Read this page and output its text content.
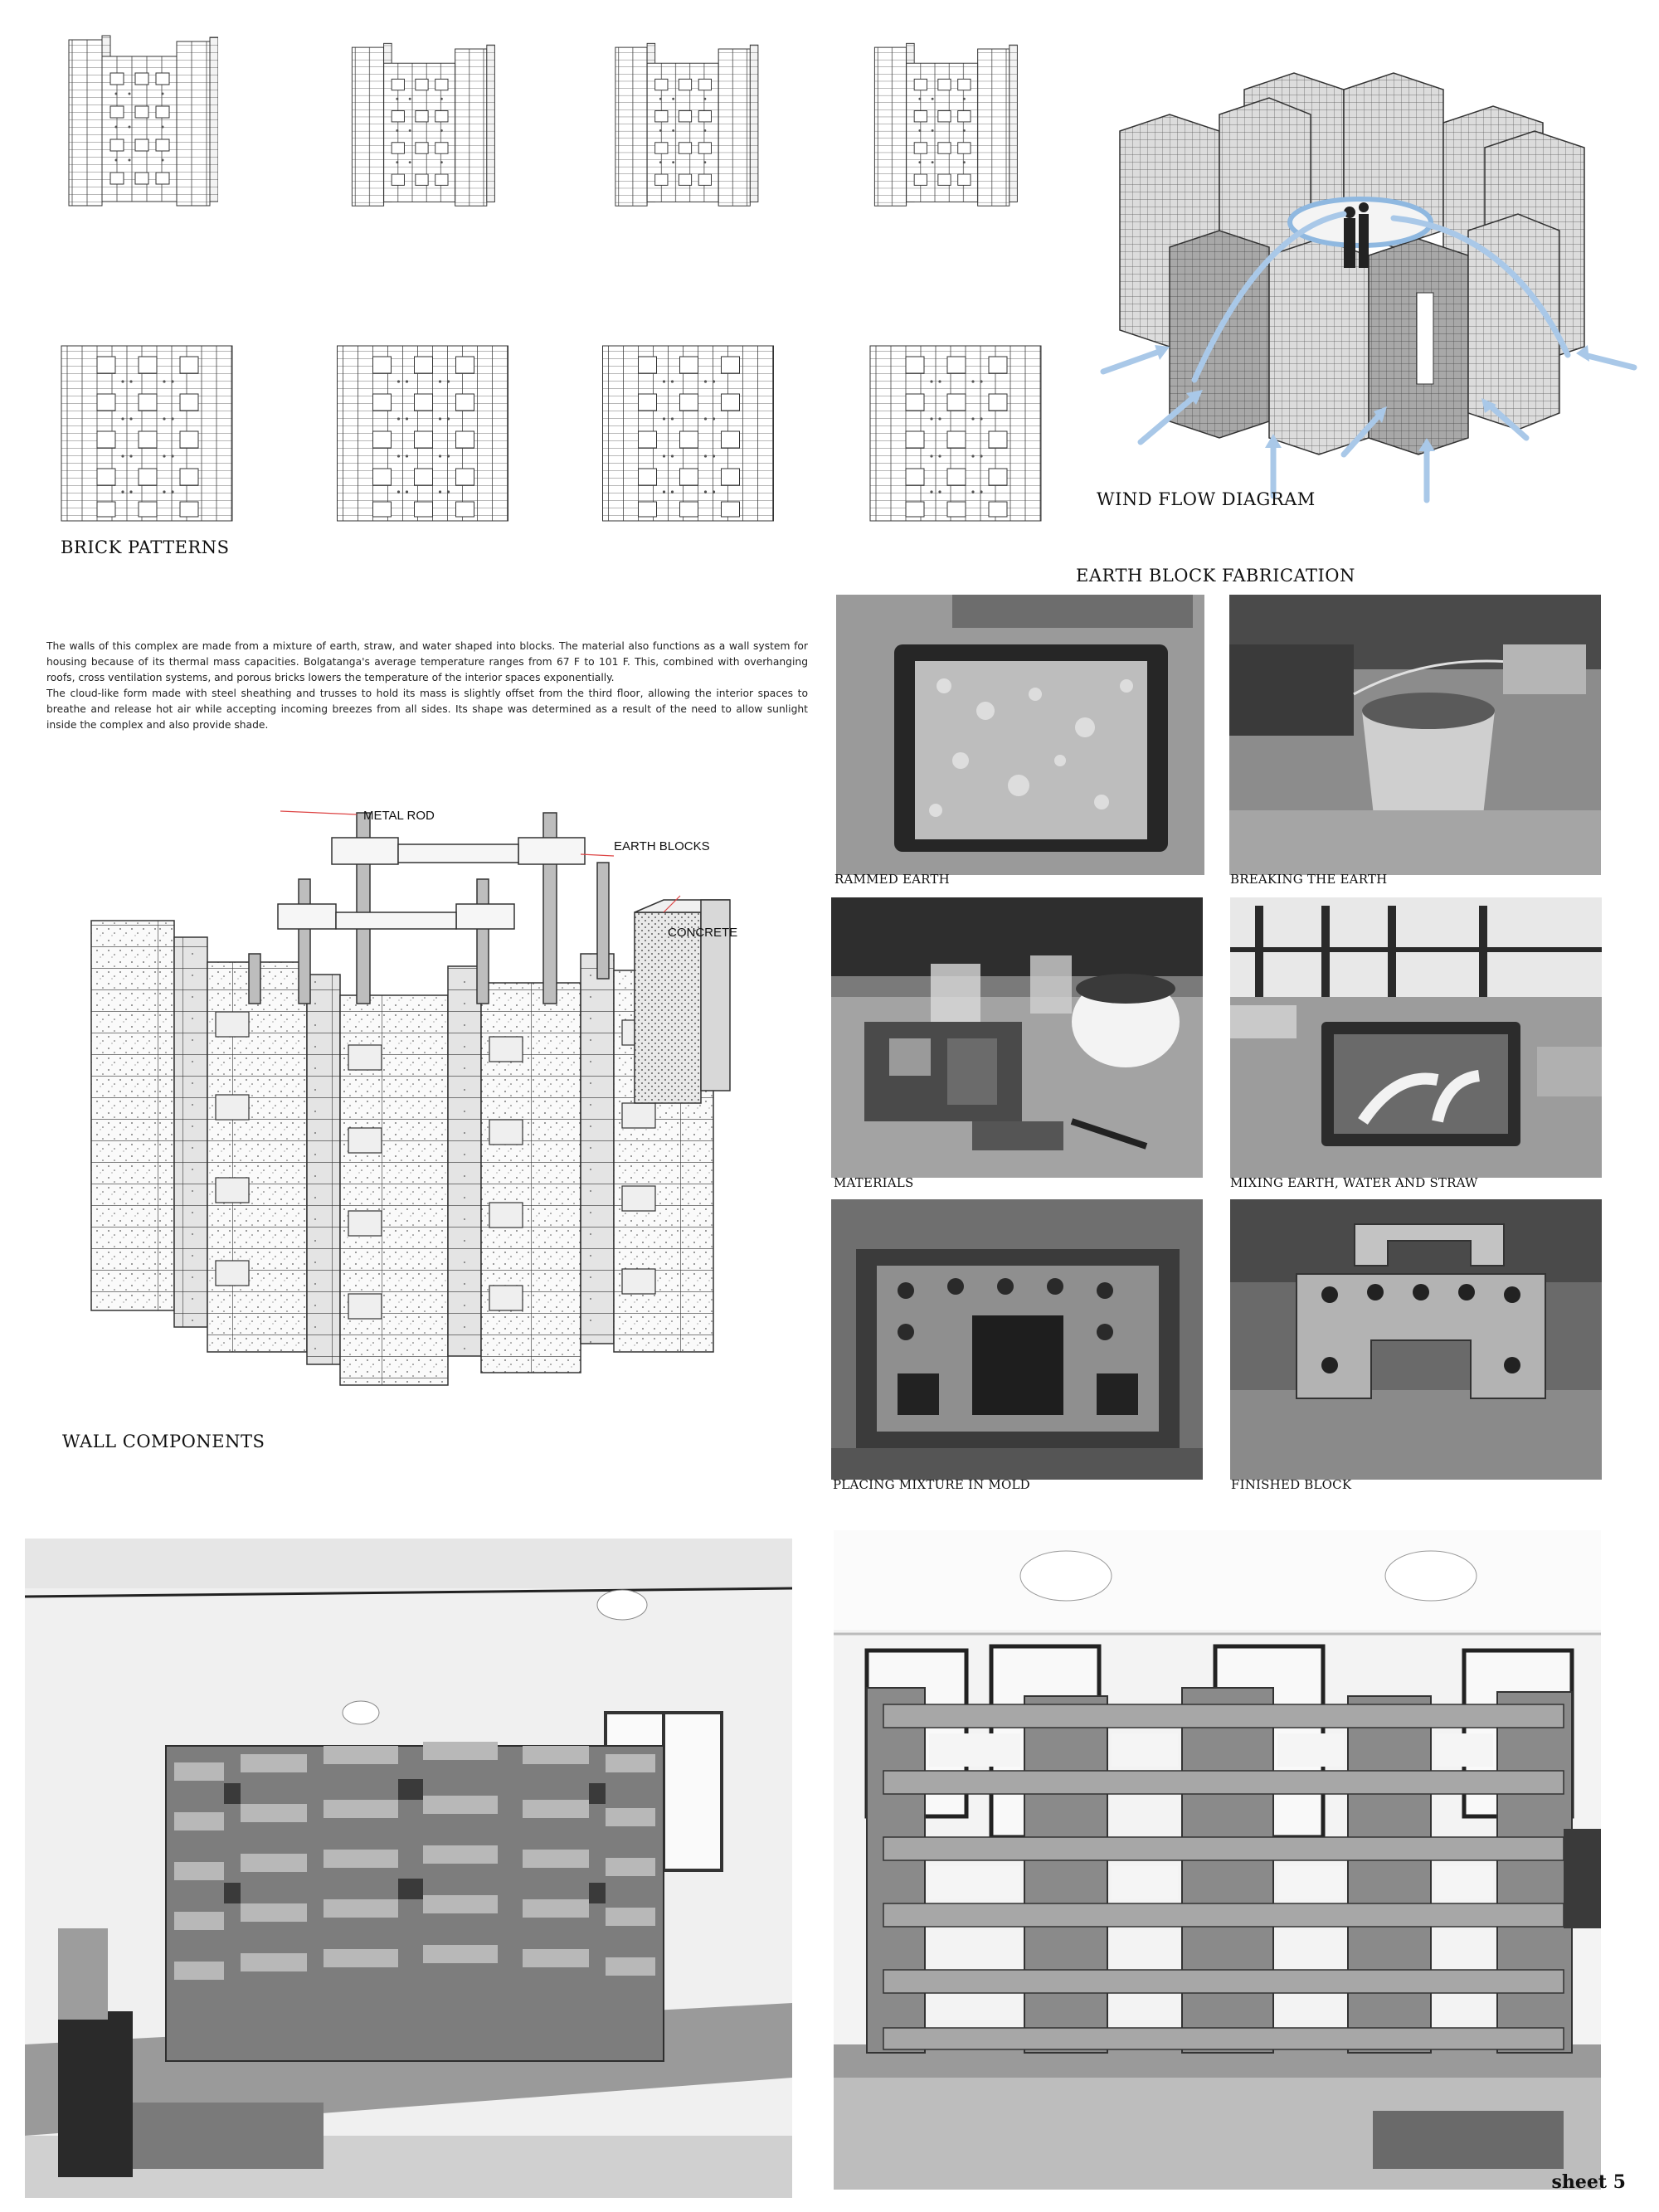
BRICK PATTERNS
WIND FLOW DIAGRAM
EARTH BLOCK FABRICATION
RAMMED EARTH	BREAKING THE EARTH
MATERIALS	MIXING EARTH, WATER AND STRAW
PLACING MIXTURE IN MOLD	FINISHED BLOCK

The walls of this complex are made from a mixture of earth, straw, and water shaped into blocks. The material also functions as a wall system for housing because of its thermal mass capacities. Bolgatanga's average temperature ranges from 67 F to 101 F. This, combined with overhanging roofs, cross ventilation systems, and porous bricks lowers the temperature of the interior spaces exponentially.

The cloud-like form made with steel sheathing and trusses to hold its mass is slightly offset from the third floor, allowing the interior spaces to breathe and release hot air while accepting incoming breezes from all sides. Its shape was determined as a result of the need to allow sunlight inside the complex and also provide shade.

METAL ROD
EARTH BLOCKS
CONCRETE
WALL COMPONENTS
sheet 5
